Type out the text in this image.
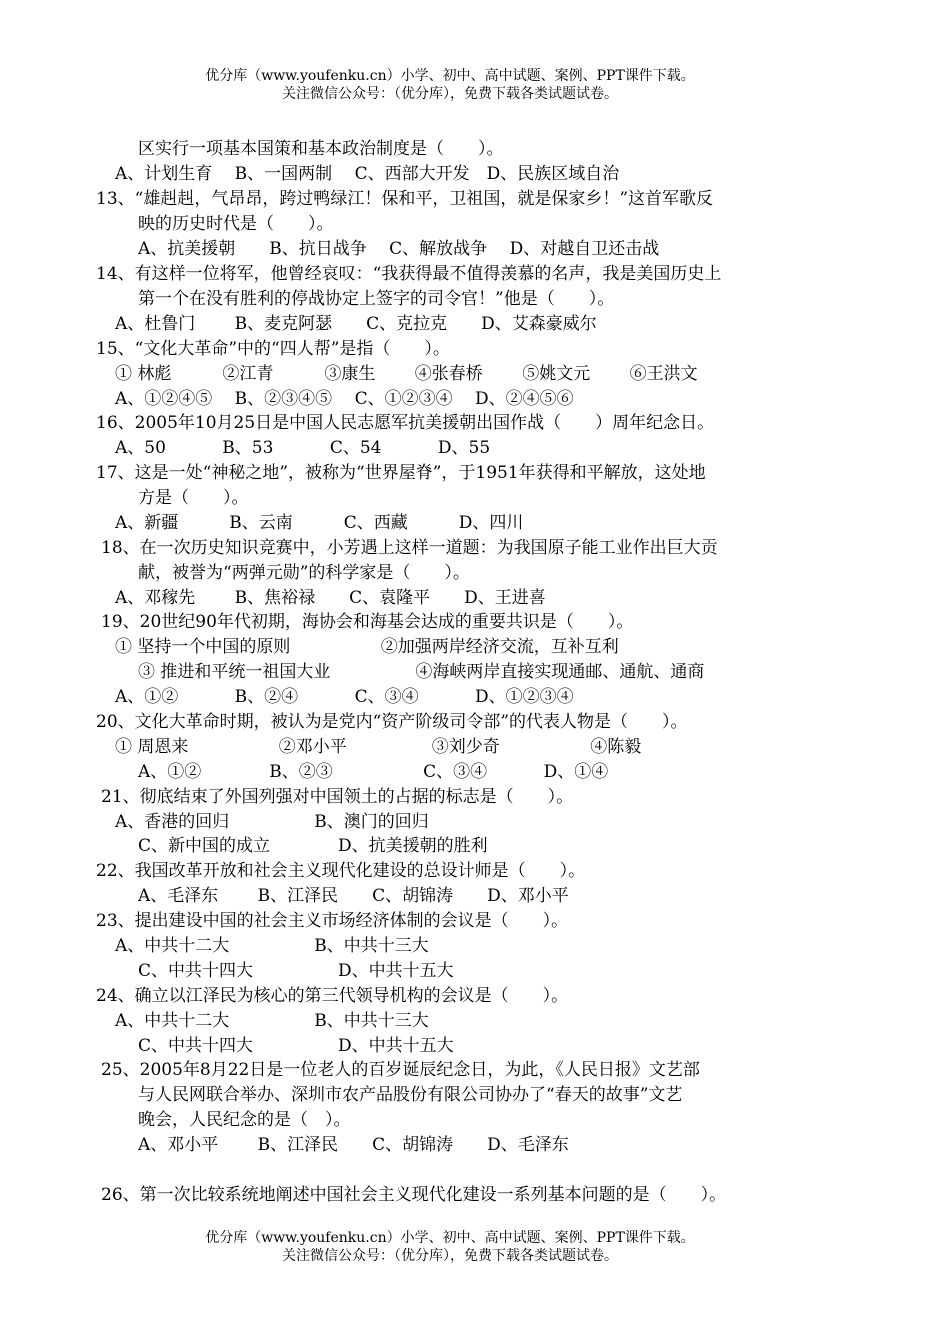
优分库（www.youfenku.cn）小学、初中、高中试题、案例、PPT课件下载。
关注微信公众号：（优分库），免费下载各类试题试卷。
区实行一项基本国策和基本政治制度是（　　）。
A、计划生育　 B、一国两制　 C、西部大开发　D、民族区域自治
13、“雄赳赳，气昂昂，跨过鸭绿江！保和平，卫祖国，就是保家乡！”这首军歌反
映的历史时代是（　　）。
A、抗美援朝　　B、抗日战争　 C、解放战争　 D、对越自卫还击战
14、有这样一位将军，他曾经哀叹：“我获得最不值得羡慕的名声，我是美国历史上
第一个在没有胜利的停战协定上签字的司令官！”他是（　　）。
A、杜鲁门　　 B、麦克阿瑟　　C、克拉克　　D、艾森豪威尔
15、“文化大革命”中的“四人帮”是指（　　）。
① 林彪　　　②江青　　　③康生　　 ④张春桥　　 ⑤姚文元　　 ⑥王洪文
A、①②④⑤　 B、②③④⑤　 C、①②③④　 D、②④⑤⑥
16、2005年10月25日是中国人民志愿军抗美援朝出国作战（　　）周年纪念日。
A、50　　　 B、53　　　 C、54　　　 D、55
17、这是一处“神秘之地”，被称为“世界屋脊”，于1951年获得和平解放，这处地
方是（　　）。
A、新疆　　　B、云南　　　C、西藏　　　D、四川
18、在一次历史知识竞赛中，小芳遇上这样一道题：为我国原子能工业作出巨大贡
献，被誉为“两弹元勋”的科学家是（　　）。
A、邓稼先　　 B、焦裕禄　　C、袁隆平　　D、王进喜
19、20世纪90年代初期，海协会和海基会达成的重要共识是（　　）。
① 坚持一个中国的原则　　　　　 ②加强两岸经济交流，互补互利
③ 推进和平统一祖国大业　　　　　④海峡两岸直接实现通邮、通航、通商
A、①②　　　 B、②④　　　 C、③④　　　 D、①②③④
20、文化大革命时期，被认为是党内“资产阶级司令部”的代表人物是（　　）。
① 周恩来　　　　　 ②邓小平　　　　　③刘少奇　　　　　 ④陈毅
A、①②　　　　B、②③　　　　　 C、③④　　　 D、①④
21、彻底结束了外国列强对中国领土的占据的标志是（　　）。
A、香港的回归　　　　　B、澳门的回归
C、新中国的成立　　　　D、抗美援朝的胜利
22、我国改革开放和社会主义现代化建设的总设计师是（　　）。
A、毛泽东　　 B、江泽民　　C、胡锦涛　　D、邓小平
23、提出建设中国的社会主义市场经济体制的会议是（　　）。
A、中共十二大　　　　　B、中共十三大
C、中共十四大　　　　　D、中共十五大
24、确立以江泽民为核心的第三代领导机构的会议是（　　）。
A、中共十二大　　　　　B、中共十三大
C、中共十四大　　　　　D、中共十五大
25、2005年8月22日是一位老人的百岁诞辰纪念日，为此，《人民日报》文艺部
与人民网联合举办、深圳市农产品股份有限公司协办了“春天的故事”文艺
晚会，人民纪念的是（　）。
A、邓小平　　 B、江泽民　　C、胡锦涛　　D、毛泽东
26、第一次比较系统地阐述中国社会主义现代化建设一系列基本问题的是（　　）。
优分库（www.youfenku.cn）小学、初中、高中试题、案例、PPT课件下载。
关注微信公众号：（优分库），免费下载各类试题试卷。
